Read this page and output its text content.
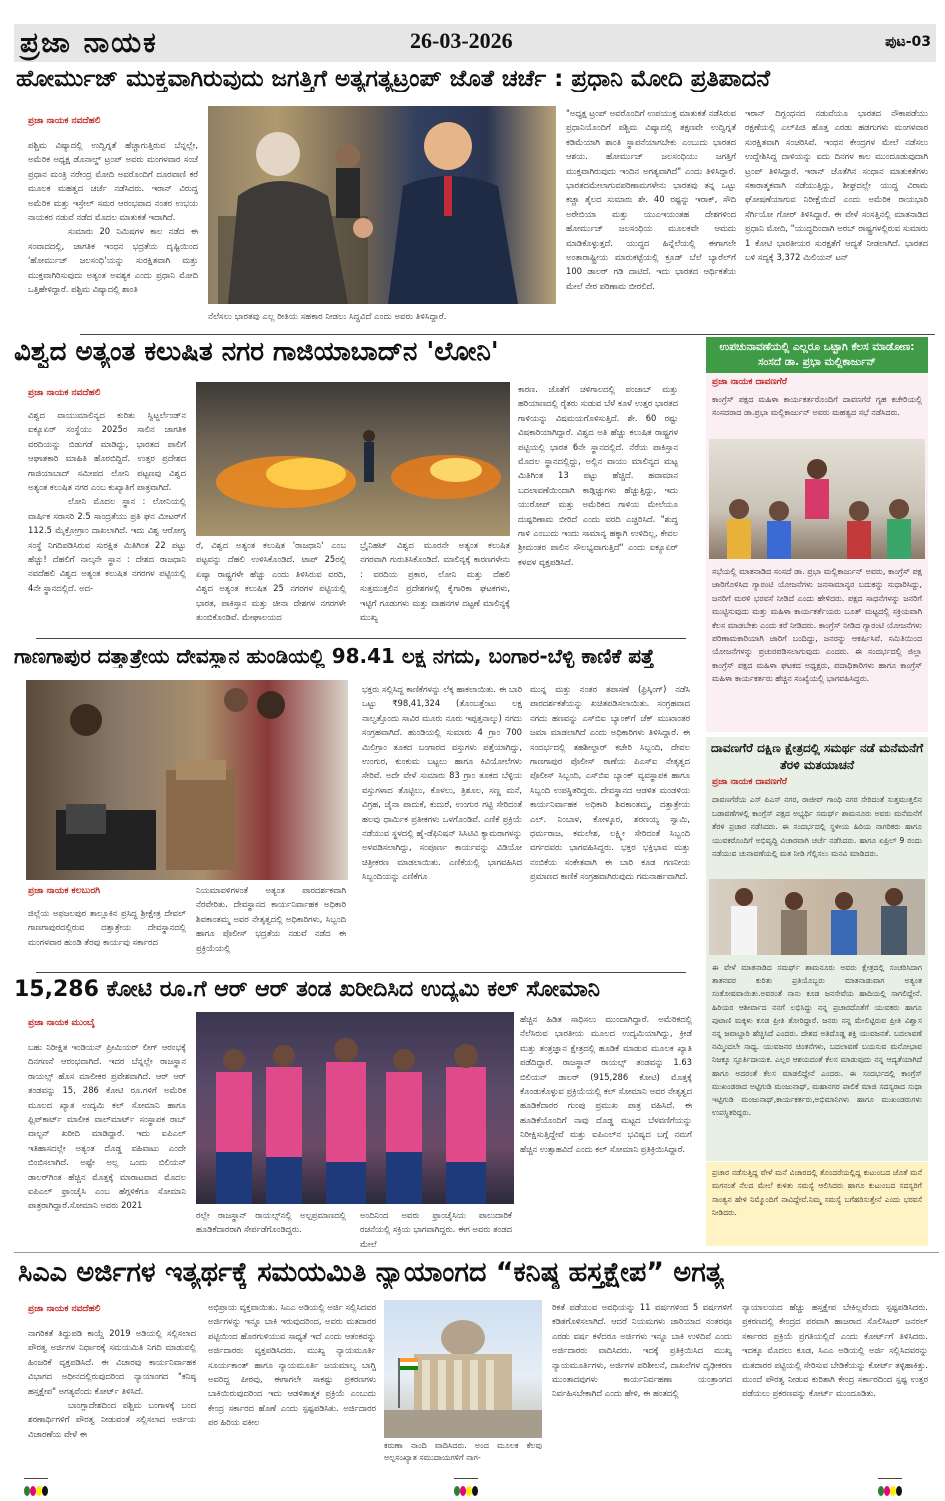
ಪ್ರಜಾ ನಾಯಕ	26-03-2026	ಪುಟ-03
ಹೋರ್ಮುಜ್ ಮುಕ್ತವಾಗಿರುವುದು ಜಗತ್ತಿಗೆ ಅತ್ಯಗತ್ಯಟ್ರಂಪ್ ಜೊತೆ ಚರ್ಚೆ : ಪ್ರಧಾನಿ ಮೋದಿ ಪ್ರತಿಪಾದನೆ
ಪ್ರಜಾ ನಾಯಕ ನವದೆಹಲಿ

ಪಶ್ಚಿಮ ವಿಷ್ಯಾದಲ್ಲಿ ಉದ್ವಿಗ್ನತೆ ಹೆಚ್ಚಾಗುತ್ತಿರುವ ಬೆನ್ನಲ್ಲೇ, ಅಮೆರಿಕ ಅಧ್ಯಕ್ಷ ಡೊನಾಲ್ಡ್ ಟ್ರಂಪ್ ಅವರು ಮಂಗಳವಾರ ಸಂಜೆ ಪ್ರಧಾನ ಮಂತ್ರಿ ನರೇಂದ್ರ ಮೋದಿ ಅವರೊಂದಿಗೆ ದೂರವಾಣಿ ಕರೆ ಮೂಲಕ ಮಹತ್ವದ ಚರ್ಚೆ ನಡೆಸಿದರು. ಇರಾನ್ ವಿರುದ್ಧ ಅಮೆರಿಕ ಮತ್ತು ಇಸ್ರೇಲ್ ಸಮರ ಆರಂಭವಾದ ನಂತರ ಉಭಯ ನಾಯಕರ ನಡುವೆ ನಡೆದ ಮೊದಲ ಮಾತುಕತೆ ಇದಾಗಿದೆ.

ಸುಮಾರು 20 ನಿಮಿಷಗಳ ಕಾಲ ನಡೆದ ಈ ಸಂವಾದದಲ್ಲಿ, ಜಾಗತಿಕ ಇಂಧನ ಭದ್ರತೆಯ ದೃಷ್ಟಿಯಿಂದ 'ಹೋರ್ಮುಜ್ ಜಲಸಂಧಿ'ಯನ್ನು ಸುರಕ್ಷಿತವಾಗಿ ಮತ್ತು ಮುಕ್ತವಾಗಿರಿಸುವುದು ಅತ್ಯಂತ ಅವಶ್ಯಕ ಎಂದು ಪ್ರಧಾನಿ ಮೋದಿ ಒತ್ತಿಹೇಳಿದ್ದಾರೆ. ಪಶ್ಚಿಮ ವಿಷ್ಯಾದಲ್ಲಿ ಶಾಂತಿ

ನೆಲೆಸಲು ಭಾರತವು ಎಲ್ಲ ರೀತಿಯ ಸಹಕಾರ ನೀಡಲು ಸಿದ್ಧವಿದೆ ಎಂದು ಅವರು ತಿಳಿಸಿದ್ದಾರೆ.

"ಅಧ್ಯಕ್ಷ ಟ್ರಂಪ್ ಅವರೊಂದಿಗೆ ಉಪಯುಕ್ತ ಮಾತುಕತೆ ನಡೆಸಿರುವ ಪ್ರಧಾನಿಯೊಂದಿಗೆ ಪಶ್ಚಿಮ ವಿಷ್ಯಾದಲ್ಲಿ ತಕ್ಷಣವೇ ಉದ್ವಿಗ್ನತೆ ಕಡಿಮೆಯಾಗಿ ಶಾಂತಿ ಸ್ಥಾಪನೆಯಾಗಬೇಕು ಎಂಬುದು ಭಾರತದ ಆಶಯ. ಹೋರ್ಮುಜ್ ಜಲಸಂಧಿಯು ಜಗತ್ತಿಗೆ ಮುಕ್ತವಾಗಿರುವುದು ಇಂದಿನ ಅಗತ್ಯವಾಗಿದೆ" ಎಂದು ತಿಳಿಸಿದ್ದಾರೆ. ಭಾರತದಮೇಲಾಗುವಪರಿಣಾಮಗಳೇನು ಭಾರತವು ತನ್ನ ಒಟ್ಟು ಕಚ್ಚಾ ತೈಲದ ಸುಮಾರು ಶೇ. 40 ರಷ್ಟನ್ನು ಇರಾಕ್, ಸೌದಿ ಅರೇಬಿಯಾ ಮತ್ತು ಯುಎಇಯಂತಹ ದೇಶಗಳಿಂದ ಹೋರ್ಮುಜ್ ಜಲಸಂಧಿಯ ಮೂಲಕವೇ ಆಮದು ಮಾಡಿಕೊಳ್ಳುತ್ತದೆ. ಯುದ್ಧದ ಹಿನ್ನೆಲೆಯಲ್ಲಿ ಈಗಾಗಲೇ ಅಂತಾರಾಷ್ಟ್ರೀಯ ಮಾರುಕಟ್ಟೆಯಲ್ಲಿ ಕ್ರೂಡ್ ಬೆಲೆ ಬ್ಯಾರೆಲ್‌ಗೆ 100 ಡಾಲರ್ ಗಡಿ ದಾಟಿದೆ. ಇದು ಭಾರತದ ಆರ್ಥಿಕತೆಯ ಮೇಲೆ ನೇರ ಪರಿಣಾಮ ಬೀರಲಿದೆ.

ಇರಾನ್ ದಿಗ್ಬಂಧನದ ನಡುವೆಯೂ ಭಾರತದ ನೌಕಾಪಡೆಯು ರಕ್ಷಣೆಯಲ್ಲಿ ಎಲ್‌ಪಿಜಿ ಹೊತ್ತ ಎರಡು ಹಡಗುಗಳು ಮಂಗಳವಾರ ಸುರಕ್ಷಿತವಾಗಿ ಸಂಚರಿಸಿವೆ. ಇಂಧನ ಕೇಂದ್ರಗಳ ಮೇಲೆ ನಡೆಸಲು ಉದ್ದೇಶಿಸಿದ್ದ ದಾಳಿಯನ್ನು ಐದು ದಿನಗಳ ಕಾಲ ಮುಂದೂಡುವುದಾಗಿ ಟ್ರಂಪ್ ತಿಳಿಸಿದ್ದಾರೆ. ಇರಾನ್ ಜೊತೆಗಿನ ಸಂಧಾನ ಮಾತುಕತೆಗಳು ಸಕಾರಾತ್ಮಕವಾಗಿ ನಡೆಯುತ್ತಿದ್ದು, ಶೀಘ್ರದಲ್ಲೇ ಯುದ್ಧ ವಿರಾಮ ಘೋಷಣೆಯಾಗುವ ನಿರೀಕ್ಷೆಯಿದೆ ಎಂದು ಅಮೆರಿಕ ರಾಯಭಾರಿ ಸೆರ್ಗಿಯೋ ಗೋರ್ ತಿಳಿಸಿದ್ದಾರೆ. ಈ ವೇಳೆ ಸಂಸತ್ತಿನಲ್ಲಿ ಮಾತನಾಡಿದ ಪ್ರಧಾನಿ ಮೋದಿ, "ಯುದ್ಧದಿಂದಾಗಿ ಅರಬ್ ರಾಷ್ಟ್ರಗಳಲ್ಲಿರುವ ಸುಮಾರು 1 ಕೋಟಿ ಭಾರತೀಯರ ಸುರಕ್ಷತೆಗೆ ಆದ್ಯತೆ ನೀಡಲಾಗಿದೆ. ಭಾರತದ ಬಳಿ ಸದ್ಯಕ್ಕೆ 3,372 ಮಿಲಿಯನ್ ಟನ್

ವಿಶ್ವದ ಅತ್ಯಂತ ಕಲುಷಿತ ನಗರ ಗಾಜಿಯಾಬಾದ್‌ನ 'ಲೋನಿ'
ಪ್ರಜಾ ನಾಯಕ ನವದೆಹಲಿ

ವಿಶ್ವದ ವಾಯುಮಾಲಿನ್ಯದ ಕುರಿತು ಸ್ವಿಟ್ಜರ್ಲೆಂಡ್‌ನ ಐಕ್ಯೂಏರ್ ಸಂಸ್ಥೆಯು 2025ರ ಸಾಲಿನ ಜಾಗತಿಕ ವರದಿಯನ್ನು ಬಿಡುಗಡೆ ಮಾಡಿದ್ದು, ಭಾರತದ ಪಾಲಿಗೆ ಆಘಾತಕಾರಿ ಮಾಹಿತಿ ಹೊರಬಿದ್ದಿದೆ. ಉತ್ತರ ಪ್ರದೇಶದ ಗಾಜಿಯಾಬಾದ್ ಸಮೀಪದ ಲೋನಿ ಪಟ್ಟಣವು ವಿಶ್ವದ ಅತ್ಯಂತ ಕಲುಷಿತ ನಗರ ಎಂಬ ಕುಖ್ಯಾತಿಗೆ ಪಾತ್ರವಾಗಿದೆ.

ಲೋನಿ ಮೊದಲ ಸ್ಥಾನ : ಲೋನಿಯಲ್ಲಿ ವಾರ್ಷಿಕ ಸರಾಸರಿ 2.5 ಸಾಂದ್ರತೆಯು ಪ್ರತಿ ಘನ ಮೀಟರ್‌ಗೆ 112.5 ಮೈಕ್ರೋಗ್ರಾಂ ದಾಖಲಾಗಿದೆ. ಇದು ವಿಶ್ವ ಆರೋಗ್ಯ ಸಂಸ್ಥೆ ನಿಗದಿಪಡಿಸಿರುವ ಸುರಕ್ಷಿತ ಮಿತಿಗಿಂತ 22 ಪಟ್ಟು ಹೆಚ್ಚು! ದೆಹಲಿಗೆ ನಾಲ್ಕನೇ ಸ್ಥಾನ : ದೇಶದ ರಾಜಧಾನಿ ನವದೆಹಲಿ ವಿಶ್ವದ ಅತ್ಯಂತ ಕಲುಷಿತ ನಗರಗಳ ಪಟ್ಟಿಯಲ್ಲಿ 4ನೇ ಸ್ಥಾನದಲ್ಲಿದೆ. ಅದ-

ರೆ, ವಿಶ್ವದ ಅತ್ಯಂತ ಕಲುಷಿತ 'ರಾಜಧಾನಿ' ಎಂಬ ಪಟ್ಟವನ್ನು ದೆಹಲಿ ಉಳಿಸಿಕೊಂಡಿದೆ. ಟಾಪ್ 25ರಲ್ಲಿ ಏಷ್ಯಾ ರಾಷ್ಟ್ರಗಳೇ ಹೆಚ್ಚು ಎಂದು ತಿಳಿಸಿರುವ ವರದಿ, ವಿಶ್ವದ ಅತ್ಯಂತ ಕಲುಷಿತ 25 ನಗರಗಳ ಪಟ್ಟಿಯಲ್ಲಿ ಭಾರತ, ಪಾಕಿಸ್ತಾನ ಮತ್ತು ಚೀನಾ ದೇಶಗಳ ನಗರಗಳೇ ತುಂಬಿಕೊಂಡಿವೆ. ಮೇಘಾಲಯದ

ಬ್ರೈನಿಹಟ್ ವಿಶ್ವದ ಮೂರನೇ ಅತ್ಯಂತ ಕಲುಷಿತ ನಗರವಾಗಿ ಗುರುತಿಸಿಕೊಂಡಿದೆ. ಮಾಲಿನ್ಯಕ್ಕೆ ಕಾರಣಗಳೇನು : ವರದಿಯ ಪ್ರಕಾರ, ಲೋನಿ ಮತ್ತು ದೆಹಲಿ ಸುತ್ತಮುತ್ತಲಿನ ಪ್ರದೇಶಗಳಲ್ಲಿ ಕೈಗಾರಿಕಾ ಘಟಕಗಳು, ಇಟ್ಟಿಗೆ ಗೂಡುಗಳು ಮತ್ತು ವಾಹನಗಳ ದಟ್ಟಣೆ ಮಾಲಿನ್ಯಕ್ಕೆ ಮುಖ್ಯ

ಕಾರಣ. ಜೊತೆಗೆ ಚಳಿಗಾಲದಲ್ಲಿ ಪಂಜಾಬ್ ಮತ್ತು ಹರಿಯಾಣದಲ್ಲಿ ರೈತರು ಸುಡುವ ಬೆಳೆ ಕೂಳೆ ಉತ್ತರ ಭಾರತದ ಗಾಳಿಯನ್ನು ವಿಷಮಯಗೊಳಿಸುತ್ತಿದೆ. ಶೇ. 60 ರಷ್ಟು ವಿಷಕಾರಿಯಾಗಿದ್ದಾರೆ. ವಿಶ್ವದ ಅತಿ ಹೆಚ್ಚು ಕಲುಷಿತ ರಾಷ್ಟ್ರಗಳ ಪಟ್ಟಿಯಲ್ಲಿ ಭಾರತ 6ನೇ ಸ್ಥಾನದಲ್ಲಿದೆ. ನೆರೆಯ ಪಾಕಿಸ್ತಾನ ಮೊದಲ ಸ್ಥಾನದಲ್ಲಿದ್ದು, ಅಲ್ಲಿನ ವಾಯು ಮಾಲಿನ್ಯದ ಮಟ್ಟ ಮಿತಿಗಿಂತ 13 ಪಟ್ಟು ಹೆಚ್ಚಿದೆ. ಹವಾಮಾನ ಬದಲಾವಣೆಯಿಂದಾಗಿ ಕಾಡ್ಗಿಚ್ಚುಗಳು ಹೆಚ್ಚುತ್ತಿದ್ದು, ಇದು ಯುರೋಪ್ ಮತ್ತು ಅಮೆರಿಕದ ಗಾಳಿಯ ಮೇಲೆಯೂ ದುಷ್ಪರಿಣಾಮ ಬೀರಿದೆ ಎಂದು ವರದಿ ಎಚ್ಚರಿಸಿದೆ. "ಶುದ್ಧ ಗಾಳಿ ಎಂಬುದು ಇಂದು ಸಾಮಾನ್ಯ ಹಕ್ಕಾಗಿ ಉಳಿದಿಲ್ಲ, ಕೇವಲ ಶ್ರೀಮಂತರ ಪಾಲಿನ ಸೌಲಭ್ಯವಾಗುತ್ತಿದೆ" ಎಂದು ಐಕ್ಯೂಏರ್ ಕಳವಳ ವ್ಯಕ್ತಪಡಿಸಿದೆ.

ಉಪಚುನಾವಣೆಯಲ್ಲಿ ಎಲ್ಲರೂ ಒಟ್ಟಾಗಿ ಕೆಲಸ ಮಾಡೋಣ: ಸಂಸದೆ ಡಾ. ಪ್ರಭಾ ಮಲ್ಲಿಕಾರ್ಜುನ್
ಪ್ರಜಾ ನಾಯಕ ದಾವಣಗೆರೆ
ಕಾಂಗ್ರೆಸ್ ಪಕ್ಷದ ಮಹಿಳಾ ಕಾರ್ಯಕರ್ತರೊಂದಿಗೆ ದಾವಣಗೆರೆ ಗೃಹ ಕಚೇರಿಯಲ್ಲಿ ಸಂಸದರಾದ ಡಾ.ಪ್ರಭಾ ಮಲ್ಲಿಕಾರ್ಜುನ್ ಅವರು ಮಹತ್ವದ ಸಭೆ ನಡೆಸಿದರು.
ಸಭೆಯಲ್ಲಿ ಮಾತನಾಡಿದ ಸಂಸದೆ ಡಾ. ಪ್ರಭಾ ಮಲ್ಲಿಕಾರ್ಜುನ್ ಅವರು, ಕಾಂಗ್ರೆಸ್ ಪಕ್ಷ ಜಾರಿಗೊಳಿಸಿದ ಗ್ಯಾರಂಟಿ ಯೋಜನೆಗಳು ಜನಸಾಮಾನ್ಯರ ಬದುಕನ್ನು ಸುಧಾರಿಸಿದ್ದು, ಜನರಿಗೆ ಮರಳಿ ಭರವಸೆ ನೀಡಿದೆ ಎಂದು ಹೇಳಿದರು. ಪಕ್ಷದ ಸಾಧನೆಗಳನ್ನು ಜನರಿಗೆ ಮುಟ್ಟಿಸುವುದು ಮತ್ತು ಮಹಿಳಾ ಕಾರ್ಯಕರ್ತೆಯರು ಬೂತ್ ಮಟ್ಟದಲ್ಲಿ ಸಕ್ರಿಯವಾಗಿ ಕೆಲಸ ಮಾಡಬೇಕು ಎಂದು ಕರೆ ನೀಡಿದರು. ಕಾಂಗ್ರೆಸ್ ನೀಡಿದ ಗ್ಯಾರಂಟಿ ಯೋಜನೆಗಳು ಪರಿಣಾಮಕಾರಿಯಾಗಿ ಜಾರಿಗೆ ಬಂದಿದ್ದು, ಜನರನ್ನು ಆಕರ್ಷಿಸಿವೆ. ಸಮಿತಿಯಿಂದ ಯೋಜನೆಗಳನ್ನು ಪ್ರಚುರಪಡಿಸಲಾಗುವುದು ಎಂದರು. ಈ ಸಂದರ್ಭದಲ್ಲಿ ಜಿಲ್ಲಾ ಕಾಂಗ್ರೆಸ್ ಪಕ್ಷದ ಮಹಿಳಾ ಘಟಕದ ಅಧ್ಯಕ್ಷರು, ಪದಾಧಿಕಾರಿಗಳು ಹಾಗೂ ಕಾಂಗ್ರೆಸ್ ಮಹಿಳಾ ಕಾರ್ಯಕರ್ತರು ಹೆಚ್ಚಿನ ಸಂಖ್ಯೆಯಲ್ಲಿ ಭಾಗವಹಿಸಿದ್ದರು.
ಗಾಣಗಾಪುರ ದತ್ತಾತ್ರೇಯ ದೇವಸ್ಥಾನ ಹುಂಡಿಯಲ್ಲಿ 98.41 ಲಕ್ಷ ನಗದು, ಬಂಗಾರ-ಬೆಳ್ಳಿ ಕಾಣಿಕೆ ಪತ್ತೆ
ಪ್ರಜಾ ನಾಯಕ ಕಲಬುರಗಿ

ಜಿಲ್ಲೆಯ ಅಫಜಲಪುರ ತಾಲ್ಲೂಕಿನ ಪ್ರಸಿದ್ಧ ಶ್ರೀಕ್ಷೇತ್ರ ದೇವಲ್ ಗಾಣಗಾಪುರದಲ್ಲಿರುವ ದತ್ತಾತ್ರೇಯ ದೇವಸ್ಥಾನದಲ್ಲಿ ಮಂಗಳವಾರ ಹುಂಡಿ ತೆರವು ಕಾರ್ಯವು ಸರ್ಕಾರದ

ನಿಯಮಾವಳಿಗಳಂತೆ ಅತ್ಯಂತ ಪಾರದರ್ಶಕವಾಗಿ ನೆರವೇರಿತು. ದೇವಸ್ಥಾನದ ಕಾರ್ಯನಿರ್ವಾಹಕ ಅಧಿಕಾರಿ ಶಿವಕಾಂತಮ್ಮ ಅವರ ನೇತೃತ್ವದಲ್ಲಿ ಅಧಿಕಾರಿಗಳು, ಸಿಬ್ಬಂದಿ ಹಾಗೂ ಪೊಲೀಸ್ ಭದ್ರತೆಯ ನಡುವೆ ನಡೆದ ಈ ಪ್ರಕ್ರಿಯೆಯಲ್ಲಿ

ಭಕ್ತರು ಸಲ್ಲಿಸಿದ್ದ ಕಾಣಿಕೆಗಳನ್ನು ಲೆಕ್ಕ ಹಾಕಲಾಯಿತು. ಈ ಬಾರಿ ಒಟ್ಟು ₹98,41,324 (ತೊಂಬತ್ತೆಂಟು ಲಕ್ಷ ನಾಲ್ವತ್ತೊಂದು ಸಾವಿರ ಮೂರು ನೂರು ಇಪ್ಪತ್ತನಾಲ್ಕು) ನಗದು ಸಂಗ್ರಹವಾಗಿದೆ. ಹುಂಡಿಯಲ್ಲಿ ಸುಮಾರು 4 ಗ್ರಾಂ 700 ಮಿಲಿಗ್ರಾಂ ತೂಕದ ಬಂಗಾರದ ವಸ್ತುಗಳು ಪತ್ತೆಯಾಗಿದ್ದು, ಉಂಗುರ, ಕುಂಕುಮ ಬಟ್ಟಲು ಹಾಗೂ ಕಿವಿಯೋಲೆಗಳು ಸೇರಿವೆ. ಅದೇ ವೇಳೆ ಸುಮಾರು 83 ಗ್ರಾಂ ತೂಕದ ಬೆಳ್ಳಿಯ ವಸ್ತುಗಳಾದ ತೊಟ್ಟಿಲು, ಕೊಳಲು, ತ್ರಿಶೂಲ, ಸಣ್ಣ ಮನೆ, ವಿಗ್ರಹ, ಚೈನಾ ಪಾದುಕೆ, ಕುದುರೆ, ಉಂಗುರ ಗಟ್ಟಿ ಸೇರಿದಂತೆ ಹಲವು ಧಾರ್ಮಿಕ ಪ್ರತೀಕಗಳು ಒಳಗೊಂಡಿವೆ. ಎಣಿಕೆ ಪ್ರಕ್ರಿಯೆ ನಡೆಯುವ ಸ್ಥಳದಲ್ಲಿ ಹೈ-ಡೆಫಿನಿಷನ್ ಸಿಸಿಟಿವಿ ಕ್ಯಾಮರಾಗಳನ್ನು ಅಳವಡಿಸಲಾಗಿದ್ದು, ಸಂಪೂರ್ಣ ಕಾರ್ಯವನ್ನು ವಿಡಿಯೋ ಚಿತ್ರೀಕರಣ ಮಾಡಲಾಯಿತು. ಎಣಿಕೆಯಲ್ಲಿ ಭಾಗವಹಿಸಿದ ಸಿಬ್ಬಂದಿಯನ್ನು ಎಣಿಕೆಗೂ

ಮುನ್ನ ಮತ್ತು ನಂತರ ತಪಾಸಣೆ (ಫ್ರಿಸ್ಕಿಂಗ್) ನಡೆಸಿ ಪಾರದರ್ಶಕತೆಯನ್ನು ಖಚಿತಪಡಿಸಲಾಯಿತು. ಸಂಗ್ರಹವಾದ ನಗದು ಹಣವನ್ನು ಎಸ್‌ಬಿಐ ಬ್ಯಾಂಕ್‌ಗೆ ಚೆಕ್ ಮುಖಾಂತರ ಜಮಾ ಮಾಡಲಾಗಿದೆ ಎಂದು ಅಧಿಕಾರಿಗಳು ತಿಳಿಸಿದ್ದಾರೆ. ಈ ಸಂದರ್ಭದಲ್ಲಿ ತಹಶೀಲ್ದಾರ್ ಕಚೇರಿ ಸಿಬ್ಬಂದಿ, ದೇವಲ ಗಾಣಗಾಪುರ ಪೊಲೀಸ್ ಠಾಣೆಯ ಪಿಎಸ್‌ಐ ನೇತೃತ್ವದ ಪೊಲೀಸ್ ಸಿಬ್ಬಂದಿ, ಎಸ್‌ಬಿಐ ಬ್ಯಾಂಕ್ ವ್ಯವಸ್ಥಾಪಕ ಹಾಗೂ ಸಿಬ್ಬಂದಿ ಉಪಸ್ಥಿತರಿದ್ದರು. ದೇವಸ್ಥಾನದ ಆಡಳಿತ ಮಂಡಳಿಯ ಕಾರ್ಯನಿರ್ವಾಹಕ ಅಧಿಕಾರಿ ಶಿವಕಾಂತಮ್ಮ, ದತ್ತಾತ್ರೇಯ ಎಲ್. ನಿಂಬಾಳ, ಕೋಳ್ಕೂರ, ಶರಣಯ್ಯ ಸ್ವಾಮಿ, ಧರ್ಮರಾಜ, ಕಮಲೇಶ, ಲಕ್ಷ್ಮೀ ಸೇರಿದಂತೆ ಸಿಬ್ಬಂದಿ ವರ್ಗದವರು ಭಾಗವಹಿಸಿದ್ದರು. ಭಕ್ತರ ಭಕ್ತಿಭಾವ ಮತ್ತು ನಂಬಿಕೆಯ ಸಂಕೇತವಾಗಿ ಈ ಬಾರಿ ಕೂಡ ಗಣನೀಯ ಪ್ರಮಾಣದ ಕಾಣಿಕೆ ಸಂಗ್ರಹವಾಗಿರುವುದು ಗಮನಾರ್ಹವಾಗಿದೆ.

ದಾವಣಗೆರೆ ದಕ್ಷಿಣ ಕ್ಷೇತ್ರದಲ್ಲಿ ಸಮರ್ಥ ನಡೆ ಮನೆಮನೆಗೆ ತೆರಳಿ ಮತಯಾಚನೆ
ಪ್ರಜಾ ನಾಯಕ ದಾವಣಗೆರೆ
ದಾವಣಗೆರೆಯ ಎಸ್ ಪಿಎಸ್ ನಗರ, ರಾಜೀವ್ ಗಾಂಧಿ ನಗರ ಸೇರಿದಂತೆ ಸುತ್ತಮುತ್ತಲಿನ ಬಡಾವಣೆಗಳಲ್ಲಿ ಕಾಂಗ್ರೆಸ್ ಪಕ್ಷದ ಅಭ್ಯರ್ಥಿ ಸಮರ್ಥ್ ಶಾಮನೂರು ಅವರು ಮನೆಮನೆಗೆ ತೆರಳಿ ಪ್ರಚಾರ ನಡೆಸಿದರು. ಈ ಸಂದರ್ಭದಲ್ಲಿ ಸ್ಥಳೀಯ ಹಿರಿಯ ನಾಗರಿಕರು ಹಾಗೂ ಯುವಕರೊಂದಿಗೆ ಅಭಿವೃದ್ಧಿ ವಿಚಾರವಾಗಿ ಚರ್ಚೆ ನಡೆಸಿದರು. ಹಾಗೂ ಏಪ್ರಿಲ್ 9 ರಂದು ನಡೆಯುವ ಚುನಾವಣೆಯಲ್ಲಿ ಮತ ನೀಡಿ ಗೆಲ್ಲಿಸಲು ಮನವಿ ಮಾಡಿದರು.
ಈ ವೇಳೆ ಮಾತನಾಡಿದ ಸಮರ್ಥ್ ಶಾಮನೂರು ಅವರು ಕ್ಷೇತ್ರದಲ್ಲಿ ಸಂಚರಿಸಿದಾಗ ತಾತನವರ ಕುರಿತು ಪ್ರತಿಯೊಬ್ಬರು ಮಾತನಾಡುವಾಗ ಅತ್ಯಂತ ಸಂತೋಷವಾಯಿತು.ಅವರಂತೆ ನಾನು ಕೂಡ ಜನಸೇವೆಯ ಹಾದಿಯಲ್ಲಿ ಸಾಗಲಿದ್ದೇನೆ. ಹಿರಿಯರ ಆಶೀರ್ವಾದ ನನಗೆ ಲಭಿಸಿದ್ದು ನನ್ನ ಪ್ರಚಾರದೊತೆಗೆ ಯುವಕರು ಹಾಗೂ ಪುಟಾಣಿ ಮಕ್ಕಳು ಕೂಡ ಪ್ರೀತಿ ತೋರಿದ್ದಾರೆ. ಜನರು ನನ್ನ ಮೇಲಿಟ್ಟಿರುವ ಪ್ರೀತಿ ವಿಶ್ವಾಸ ನನ್ನ ಜವಾಬ್ದಾರಿ ಹೆಚ್ಚಿಸಿದೆ ಎಂದರು. ದೇಶದ ಅತಿದೊಡ್ಡ ಶಕ್ತಿ ಯುವಜನತೆ. ಬದಲಾವಣೆ ನಮ್ಮಿಂದಲೇ ಸಾಧ್ಯ. ಯುವಜನರ ಚಿಂತನೆಗಳು, ಬದಲಾವಣೆ ಬಯಸುವ ಮನೋಭಾವ ನಿಜಕ್ಕೂ ಸ್ಫೂರ್ತಿದಾಯಕ. ಎಲ್ಲರ ಆಶಯದಂತೆ ಕೆಲಸ ಮಾಡುವುದು ನನ್ನ ಆದ್ಯತೆಯಾಗಿದೆ ಹಾಗೂ ಅದರಂತೆ ಕೆಲಸ ಮಾಡಲಿದ್ದೇನೆ ಎಂದರು. ಈ ಸಂದರ್ಭದಲ್ಲಿ ಕಾಂಗ್ರೆಸ್ ಮುಖಂಡರಾದ ಅಟ್ಟಿಗುಡಿ ಮಂಜುನಾಥ್, ಮಹಾನಗರ ಪಾಲಿಕೆ ಮಾಜಿ ಸದಸ್ಯರಾದ ಸುಧಾ ಇಟ್ಟಿಗುಡಿ ಮಂಜುನಾಥ್,ಕಾರ್ಯಕರ್ತರು,ಅಭಿಮಾನಿಗಳು ಹಾಗೂ ಮುಖಂಡರುಗಳು ಉಪಸ್ಥಿತರಿದ್ದರು.
ಪ್ರಚಾರ ನಡೆಸುತ್ತಿದ್ದ ವೇಳೆ ಮನೆ ವಿಚಾರದಲ್ಲಿ ತೊಂದರೆಯಲ್ಲಿದ್ದ ಕುಟುಂಬದ ಜೊತೆ ಮನೆ ಮಗನಂತೆ ನೆಲದ ಮೇಲೆ ಕುಳಿತು ಸಮಸ್ಯೆ ಆಲಿಸಿದರು ಹಾಗೂ ಕುಟುಂಬದ ಸದಸ್ಯರಿಗೆ ಸಾಂತ್ವನ ಹೇಳಿ ನಿಮ್ಮೊಂದಿಗೆ ನಾವಿದ್ದೇವೆ.ನಿಮ್ಮ ಸಮಸ್ಯೆ ಬಗೆಹರಿಸುತ್ತೇನೆ ಎಂದು ಭರವಸೆ ನೀಡಿದರು.
15,286 ಕೋಟಿ ರೂ.ಗೆ ಆರ್ ಆರ್ ತಂಡ ಖರೀದಿಸಿದ ಉದ್ಯಮಿ ಕಲ್ ಸೋಮಾನಿ
ಪ್ರಜಾ ನಾಯಕ ಮುಂಬೈ

ಬಹು ನಿರೀಕ್ಷಿತ ಇಂಡಿಯನ್ ಪ್ರೀಮಿಯರ್ ಲೀಗ್ ಆರಂಭಕ್ಕೆ ದಿನಗಣನೆ ಆರಂಭವಾಗಿದೆ. ಇದರ ಬೆನ್ನಲ್ಲೇ ರಾಜಸ್ಥಾನ ರಾಯಲ್ಸ್ ಹೊಸ ಮಾಲೀಕರ ಪ್ರವೇಶವಾಗಿದೆ. ಆರ್ ಆರ್ ತಂಡವನ್ನು 15, 286 ಕೋಟಿ ರೂ.ಗಳಿಗೆ ಅಮೆರಿಕ ಮೂಲದ ಖ್ಯಾತ ಉದ್ಯಮಿ ಕಲ್ ಸೋಮಾನಿ ಹಾಗೂ ಫ್ಲಿಪ್‌ಕಾರ್ಟ್ ಮಾಲೀಕ ವಾಲ್‌ಮಾರ್ಟ್ ಸಂಸ್ಥಾಪಕ ರಾಬ್ ವಾಲ್ಟನ್ ಖರೀದಿ ಮಾಡಿದ್ದಾರೆ. ಇದು ಐಪಿಎಲ್ ಇತಿಹಾಸದಲ್ಲೇ ಅತ್ಯಂತ ದೊಡ್ಡ ವಹಿವಾಟು ಎಂದೇ ಬಿಂಬಿಸಲಾಗಿದೆ. ಅಷ್ಟೇ ಅಲ್ಲ ಒಂದು ಬಿಲಿಯನ್ ಡಾಲರ್‌ಗಿಂತ ಹೆಚ್ಚಿನ ಮೊತ್ತಕ್ಕೆ ಮಾರಾಟವಾದ ಮೊದಲ ಐಪಿಎಲ್ ಫ್ರಾಂಚೈಸಿ ಎಂಬ ಹೆಗ್ಗಳಿಕೆಗೂ ಸೋಮಾನಿ ಪಾತ್ರರಾಗಿದ್ದಾರೆ.ಸೋಮಾನಿ ಅವರು 2021

ರಲ್ಲೇ ರಾಜಸ್ಥಾನ್ ರಾಯಲ್ಸ್‌ನಲ್ಲಿ ಅಲ್ಪಪ್ರಮಾಣದಲ್ಲಿ ಹೂಡಿಕೆದಾರರಾಗಿ ಸೇರ್ಪಡೆಗೊಂಡಿದ್ದರು.

ಅಂದಿನಿಂದ ಅವರು ಫ್ರಾಂಚೈಸಿಯ ಪಾಲುದಾರಿಕೆ ರಚನೆಯಲ್ಲಿ ಸಕ್ರಿಯ ಭಾಗವಾಗಿದ್ದರು. ಈಗ ಅವರು ತಂಡದ ಮೇಲೆ

ಹೆಚ್ಚಿನ ಹಿಡಿತ ಸಾಧಿಸಲು ಮುಂದಾಗಿದ್ದಾರೆ. ಅಮೆರಿಕದಲ್ಲಿ ನೆಲೆಸಿರುವ ಭಾರತೀಯ ಮೂಲದ ಉದ್ಯಮಿಯಾಗಿದ್ದು, ಕ್ರೀಡೆ ಮತ್ತು ತಂತ್ರಜ್ಞಾನ ಕ್ಷೇತ್ರದಲ್ಲಿ ಹೂಡಿಕೆ ಮಾಡುವ ಮೂಲಕ ಖ್ಯಾತಿ ಪಡೆದಿದ್ದಾರೆ. ರಾಜಸ್ಥಾನ್ ರಾಯಲ್ಸ್ ತಂಡವನ್ನು 1.63 ಬಿಲಿಯನ್ ಡಾಲರ್ (915,286 ಕೋಟಿ) ಮೊತ್ತಕ್ಕೆ ಕೊಂಡುಕೊಳ್ಳುವ ಪ್ರಕ್ರಿಯೆಯಲ್ಲಿ ಕಲ್ ಸೋಮಾನಿ ಅವರ ನೇತೃತ್ವದ ಹೂಡಿಕೆದಾರರ ಗುಂಪು ಪ್ರಮುಖ ಪಾತ್ರ ವಹಿಸಿದೆ. ಈ ಹೂಡಿಕೆಯೊಂದಿಗೆ ನಾವು ದೊಡ್ಡ ಮಟ್ಟದ ಬೆಳವಣಿಗೆಯನ್ನು ನಿರೀಕ್ಷಿಸುತ್ತಿದ್ದೇವೆ ಮತ್ತು ಐಪಿಎಲ್‌ನ ಭವಿಷ್ಯದ ಬಗ್ಗೆ ನಮಗೆ ಹೆಚ್ಚಿನ ಉತ್ಸಾಹವಿದೆ ಎಂದು ಕಲ್ ಸೋಮಾನಿ ಪ್ರತಿಕ್ರಿಯಿಸಿದ್ದಾರೆ.

ಸಿಎಎ ಅರ್ಜಿಗಳ ಇತ್ಯರ್ಥಕ್ಕೆ ಸಮಯಮಿತಿ ನ್ಯಾಯಾಂಗದ “ಕನಿಷ್ಠ ಹಸ್ತಕ್ಷೇಪ” ಅಗತ್ಯ
ಪ್ರಜಾ ನಾಯಕ ನವದೆಹಲಿ

ನಾಗರಿಕತೆ ತಿದ್ದುಪಡಿ ಕಾಯ್ದೆ 2019 ಅಡಿಯಲ್ಲಿ ಸಲ್ಲಿಸಲಾದ ಪೌರತ್ವ ಅರ್ಜಿಗಳ ನಿರ್ಧಾರಕ್ಕೆ ಸಮಯಮಿತಿ ನಿಗದಿ ಮಾಡುವಲ್ಲಿ ಹಿಂಜರಿಕೆ ವ್ಯಕ್ತಪಡಿಸಿದೆ. ಈ ವಿಚಾರವು ಕಾರ್ಯನಿರ್ವಾಹಕ ವಿಭಾಗದ ಅಧೀನದಲ್ಲಿರುವುದರಿಂದ ನ್ಯಾಯಾಂಗದ "ಕನಿಷ್ಠ ಹಸ್ತಕ್ಷೇಪ" ಅಗತ್ಯವೆಂದು ಕೋರ್ಟ್ ತಿಳಿಸಿದೆ.

ಬಾಂಗ್ಲಾದೇಶದಿಂದ ಪಶ್ಚಿಮ ಬಂಗಾಳಕ್ಕೆ ಬಂದ ಶರಣಾರ್ಥಿಗಳಿಗೆ ಪೌರತ್ವ ನೀಡುವಂತೆ ಸಲ್ಲಿಸಲಾದ ಅರ್ಜಿಯ ವಿಚಾರಣೆಯ ವೇಳೆ ಈ

ಅಭಿಪ್ರಾಯ ವ್ಯಕ್ತವಾಯಿತು. ಸಿಎಎ ಅಡಿಯಲ್ಲಿ ಅರ್ಜಿ ಸಲ್ಲಿಸಿದವರ ಅರ್ಜಿಗಳನ್ನು ಇನ್ನೂ ಬಾಕಿ ಇರುವುದರಿಂದ, ಅವರು ಮತದಾರರ ಪಟ್ಟಿಯಿಂದ ಹೊರಗುಳಿಯುವ ಸಾಧ್ಯತೆ ಇದೆ ಎಂದು ಆತಂಕವನ್ನು ಅರ್ಜಿದಾರರು ವ್ಯಕ್ತಪಡಿಸಿದರು. ಮುಖ್ಯ ನ್ಯಾಯಮೂರ್ತಿ ಸೂರ್ಯಕಾಂತ್ ಹಾಗೂ ನ್ಯಾಯಮೂರ್ತಿ ಜಯಮಾಲ್ಯ ಬಾಗ್ಚಿ ಅವರಿದ್ದ ಪೀಠವು, ಈಗಾಗಲೇ ಸಾಕಷ್ಟು ಪ್ರಕರಣಗಳು ಬಾಕಿಯಿರುವುದರಿಂದ ಇದು ಆಡಳಿತಾತ್ಮಕ ಪ್ರಕ್ರಿಯೆ ಎಂಬುದು ಕೇಂದ್ರ ಸರ್ಕಾರದ ಹೊಣೆ ಎಂದು ಸ್ಪಷ್ಟಪಡಿಸಿತು. ಅರ್ಜಿದಾರರ ಪರ ಹಿರಿಯ ವಕೀಲ

ಕರುಣಾ ನಾಂದಿ ವಾದಿಸಿದರು. ಅಂದ ಮೂಲಕ ಕೆಲವು ಅಲ್ಪಸಂಖ್ಯಾತ ಸಮುದಾಯಗಳಿಗೆ ನಾಗ-

ರಿಕತೆ ಪಡೆಯುವ ಅವಧಿಯನ್ನು 11 ವರ್ಷಗಳಿಂದ 5 ವರ್ಷಗಳಿಗೆ ಕಡಿತಗೊಳಿಸಲಾಗಿದೆ. ಆದರೆ ನಿಯಮಗಳು ಜಾರಿಯಾದ ನಂತರವೂ ಎರಡು ವರ್ಷ ಕಳೆದರೂ ಅರ್ಜಿಗಳು ಇನ್ನೂ ಬಾಕಿ ಉಳಿದಿವೆ ಎಂದು ಅರ್ಜಿದಾರರು ವಾದಿಸಿದರು. ಇದಕ್ಕೆ ಪ್ರತಿಕ್ರಿಯಿಸಿದ ಮುಖ್ಯ ನ್ಯಾಯಮೂರ್ತಿಗಳು, ಅರ್ಜಿಗಳ ಪರಿಶೀಲನೆ, ದಾಖಲೆಗಳ ದೃಢೀಕರಣ ಮುಂತಾದವುಗಳು ಕಾರ್ಯನಿರ್ವಹಣಾ ಯಂತ್ರಾಂಗದ ನಿರ್ವಹಿಸಬೇಕಾಗಿದೆ ಎಂದು ಹೇಳಿ, ಈ ಹಂತದಲ್ಲಿ

ನ್ಯಾಯಾಲಯದ ಹೆಚ್ಚು ಹಸ್ತಕ್ಷೇಪ ಬೇಕಿಲ್ಲವೆಂದು ಸ್ಪಷ್ಟಪಡಿಸಿದರು. ಪ್ರಕರಣದಲ್ಲಿ ಕೇಂದ್ರದ ಪರವಾಗಿ ಹಾಜರಾದ ಸೊಲಿಸಿಟರ್ ಜನರಲ್ ಸರ್ಕಾರದ ಪ್ರಕ್ರಿಯೆ ಪ್ರಗತಿಯಲ್ಲಿದೆ ಎಂದು ಕೋರ್ಟ್‌ಗೆ ತಿಳಿಸಿದರು. ಇದಕ್ಕೂ ಮೊದಲು ಕೂಡ, ಸಿಎಎ ಅಡಿಯಲ್ಲಿ ಅರ್ಜಿ ಸಲ್ಲಿಸಿದವರನ್ನು ಮತದಾರರ ಪಟ್ಟಿಯಲ್ಲಿ ಸೇರಿಸುವ ಬೇಡಿಕೆಯನ್ನು ಕೋರ್ಟ್ ತಳ್ಳಿಹಾಕಿತ್ತು. ಮುಂದೆ ಪೌರತ್ವ ನೀಡುವ ಕುರಿತಾಗಿ ಕೇಂದ್ರ ಸರ್ಕಾರದಿಂದ ಸ್ಪಷ್ಟ ಉತ್ತರ ಪಡೆಯಲು ಪ್ರಕರಣವನ್ನು ಕೋರ್ಟ್ ಮುಂದೂಡಿತು.
